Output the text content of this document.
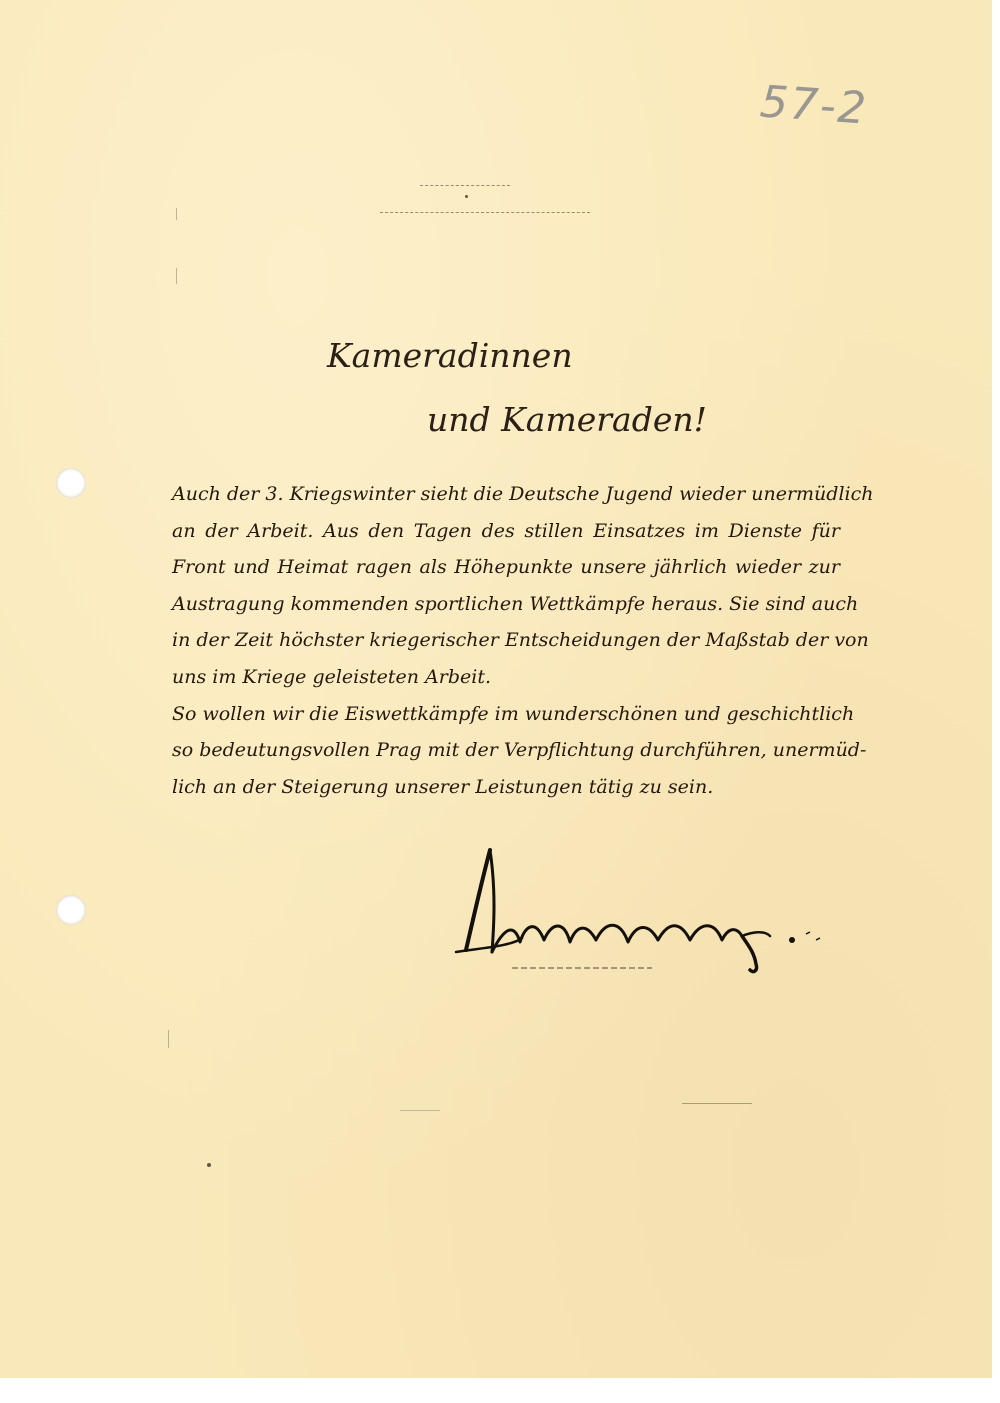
57-2

Kameradinnen
und Kameraden!
Auch der 3. Kriegswinter sieht die Deutsche Jugend wieder unermüdlich
an der Arbeit. Aus den Tagen des stillen Einsatzes im Dienste für
Front und Heimat ragen als Höhepunkte unsere jährlich wieder zur
Austragung kommenden sportlichen Wettkämpfe heraus. Sie sind auch
in der Zeit höchster kriegerischer Entscheidungen der Maßstab der von
uns im Kriege geleisteten Arbeit.
So wollen wir die Eiswettkämpfe im wunderschönen und geschichtlich
so bedeutungsvollen Prag mit der Verpflichtung durchführen, unermüd-
lich an der Steigerung unserer Leistungen tätig zu sein.
